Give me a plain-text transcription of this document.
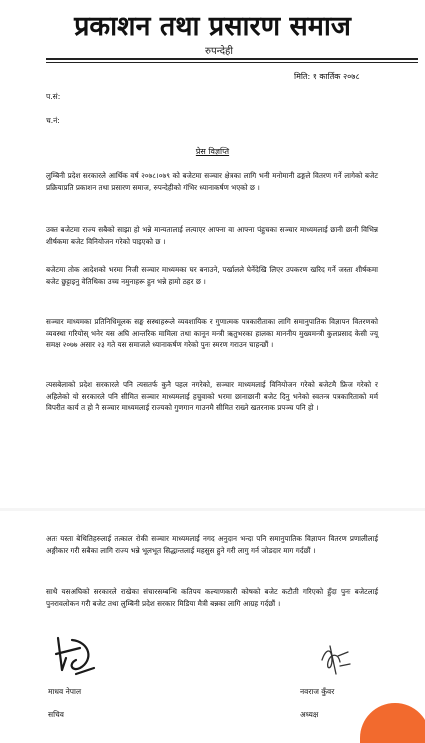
प्रकाशन तथा प्रसारण समाज
रुपन्देही
मिति: १ कार्तिक २०७८
प.सं:
च.नं:
प्रेस विज्ञप्ति

लुम्बिनी प्रदेश सरकारले आर्थिक वर्ष २०७८।०७९ को बजेटमा सञ्चार क्षेत्रका लागि भनी मनोमानी ढङ्गले वितरण गर्ने लागेको बजेट प्रक्रियाप्रति प्रकाशन तथा प्रसारण समाज, रुपन्देहीको गंभिर ध्यानाकर्षण भएको छ ।

उक्त बजेटमा राज्य सबैको साझा हो भन्ने मान्यतालाई लत्याएर आफ्ना वा आफ्ना पंहुचका सञ्चार माध्यमलाई छानी छानी विभिन्न शीर्षकमा बजेट विनियोजन गरेको पाइएको छ ।

बजेटमा तोक आदेशको भरमा निजी सञ्चार माध्यमका घर बनाउने, पर्खालले घेर्नेदेखि लिएर उपकरण खरिद गर्ने जस्ता शीर्षकमा बजेट छुट्टाइनु वेतिथिका उच्च नमुनाहरू हुन भन्ने हामो ठहर छ ।

सञ्चार माध्यमका प्रतिनिधिमूलक सङ्घ सस्थाहरूले व्यवशायिक र गुणात्मक पत्रकारीताका लागि समानुपातिक विज्ञापन वितरणको व्यवस्था गरियोस् भनेर यस अघि आन्तरिक मामिला तथा कानून मन्त्री ऋतुभरका हालका माननीय मुख्यमन्त्री कुलप्रसाद केसी ज्यू समक्ष २०७७ असार २३ गते यस समाजले ध्यानाकर्षण गरेको पुनः स्मरण गराउन चाहन्छौं ।

त्यसबेलाको प्रदेश सरकारले पनि त्यसतर्फ कुनै पहल नगरेको, सञ्चार माध्यमलाई विनियोजन गरेको बजेटमै फ्रिज गरेको र अहिलेको यो सरकारले पनि सीमित सञ्चार माध्यमलाई हचुवाको भरमा छानाछानी बजेट दिनु भनेको स्वतन्त्र पत्रकारिताको मर्म विपरीत कार्य त हो नै सञ्चार माध्यमलाई राज्यको गुणगान गाउनमै सीमित राख्ने खतरनाक प्रपञ्च पनि हो ।

अतः यस्ता बेथितिहरुलाई तत्काल रोकी सञ्चार माध्यमलाई नगद अनुदान भन्दा पनि समानुपातिक विज्ञापन वितरण प्रणालीलाई अङ्गीकार गरी सबैका लागि राज्य भन्ने भूलभूत सिद्धान्तलाई महसुस हुने गरी लागु गर्न जोडदार माग गर्दछौं ।

साथै यसअघिको सरकारले राखेका संचारसम्बन्धि कतिपय कल्याणकारी कोषको बजेट कटौती गरिएको हुँदा पुनः बजेटलाई पुनरावलोकन गरी बजेट तथा लुम्बिनी प्रदेश सरकार मिडिया मैत्री बन्नका लागि आग्रह गर्दछौं ।

माधव नेपाल
सचिव
नवराज कुँवर
अध्यक्ष
